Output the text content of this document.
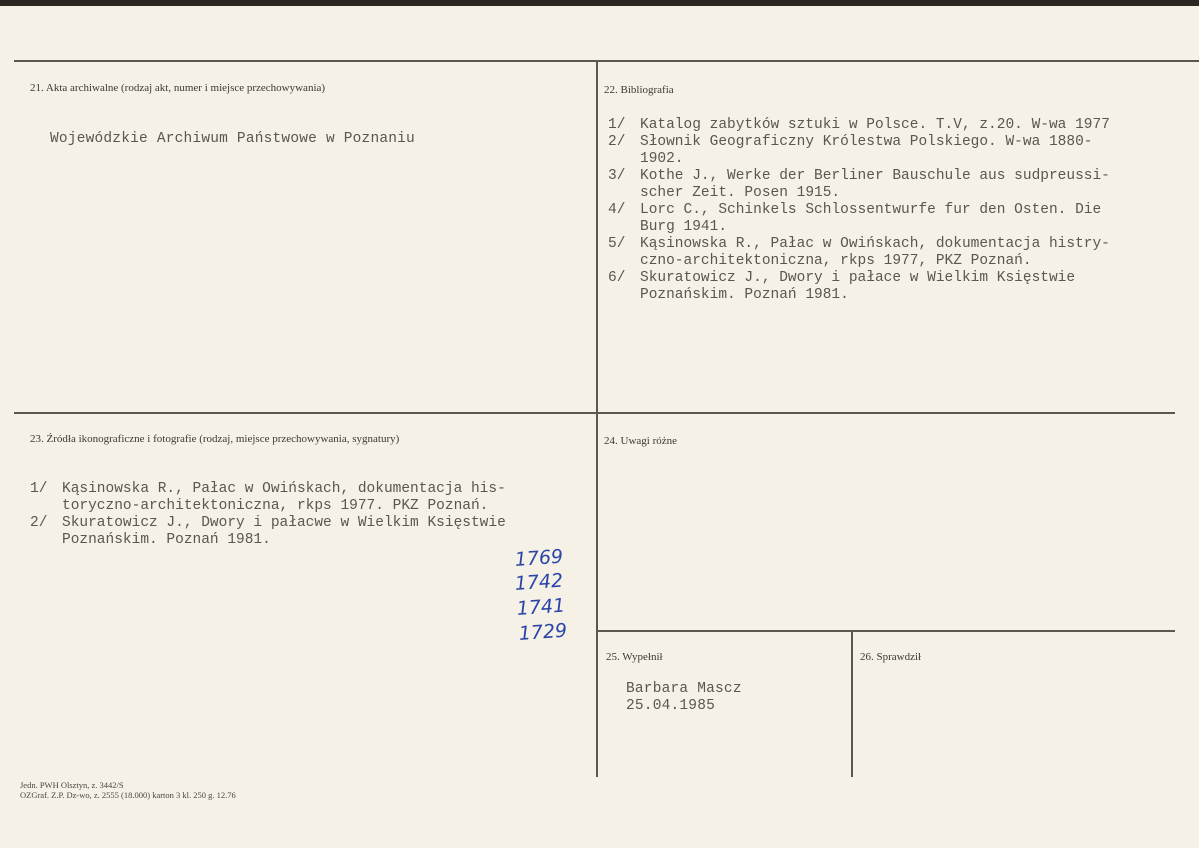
21. Akta archiwalne (rodzaj akt, numer i miejsce przechowywania)
Wojewódzkie Archiwum Państwowe w Poznaniu
22. Bibliografia
1/	Katalog zabytków sztuki w Polsce. T.V, z.20. W-wa 1977
2/	Słownik Geograficzny Królestwa Polskiego. W-wa 1880-
1902.
3/	Kothe J., Werke der Berliner Bauschule aus sudpreussi-
scher Zeit. Posen 1915.
4/	Lorc C., Schinkels Schlossentwurfe fur den Osten. Die
Burg 1941.
5/	Kąsinowska R., Pałac w Owińskach, dokumentacja histry-
czno-architektoniczna, rkps 1977, PKZ Poznań.
6/	Skuratowicz J., Dwory i pałace w Wielkim Księstwie
Poznańskim. Poznań 1981.
23. Źródła ikonograficzne i fotografie (rodzaj, miejsce przechowywania, sygnatury)
1/	Kąsinowska R., Pałac w Owińskach, dokumentacja his-
toryczno-architektoniczna, rkps 1977. PKZ Poznań.
2/	Skuratowicz J., Dwory i pałacwe w Wielkim Księstwie
Poznańskim. Poznań 1981.
1769
1742
1741
1729
24. Uwagi różne
25. Wypełnił
Barbara Mascz
25.04.1985
26. Sprawdził
Jedn. PWH Olsztyn, z. 3442/S
OZGraf. Z.P. Dz-wo, z. 2555 (18.000) karton 3 kl. 250 g. 12.76
